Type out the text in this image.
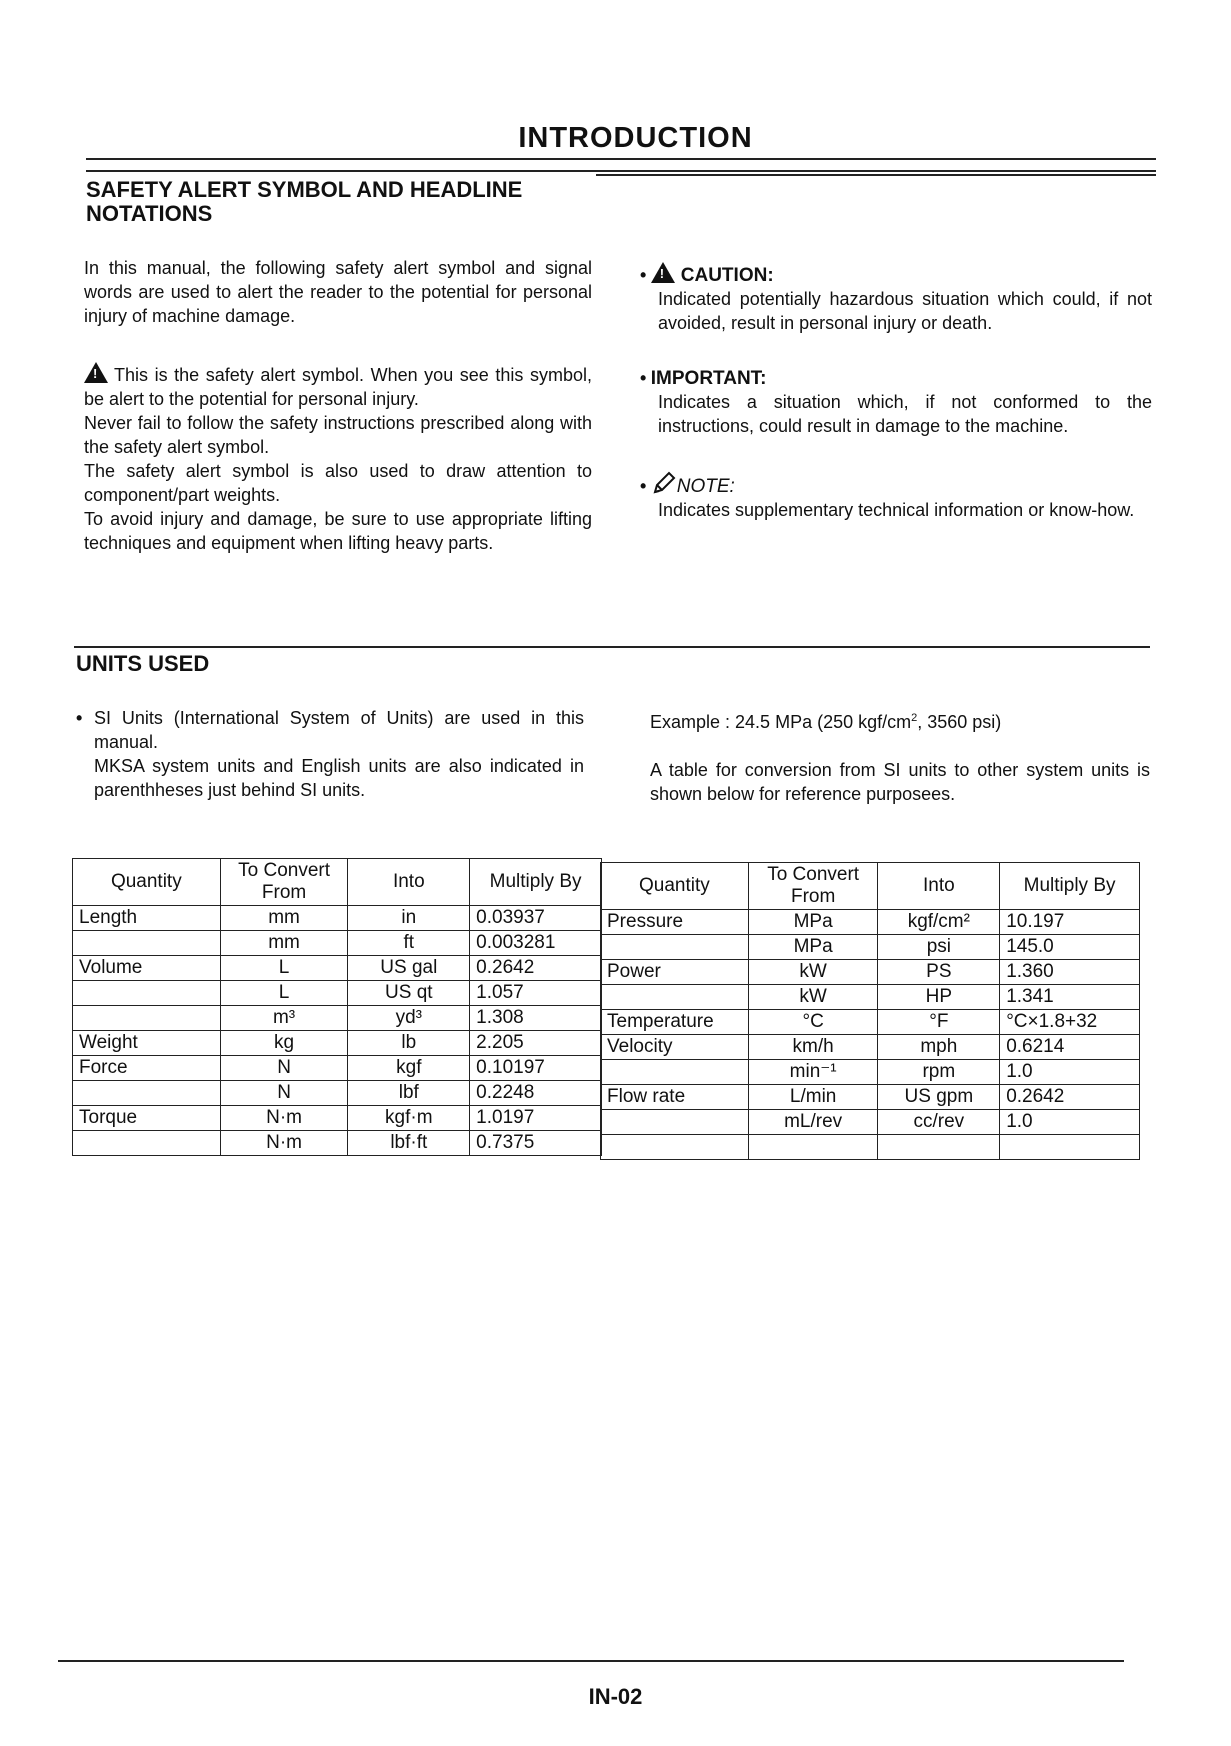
INTRODUCTION
SAFETY ALERT SYMBOL AND HEADLINE
NOTATIONS

In this manual, the following safety alert symbol and signal words are used to alert the reader to the potential for personal injury of machine damage.

!This is the safety alert symbol. When you see this symbol, be alert to the potential for personal injury.

Never fail to follow the safety instructions prescribed along with the safety alert symbol.

The safety alert symbol is also used to draw attention to component/part weights.

To avoid injury and damage, be sure to use appropriate lifting techniques and equipment when lifting heavy parts.

• ! CAUTION:
Indicated potentially hazardous situation which could, if not avoided, result in personal injury or death.
• IMPORTANT:
Indicates a situation which, if not conformed to the instructions, could result in damage to the machine.
• NOTE:
Indicates supplementary technical information or know-how.
UNITS USED
• SI Units (International System of Units) are used in this manual.

MKSA system units and English units are also indicated in parenthheses just behind SI units.

Example : 24.5 MPa (250 kgf/$cm^2$, 3560 psi)
A table for conversion from SI units to other system units is shown below for reference purposees.
Quantity	To Convert From	Into	Multiply By
Length	mm	in	0.03937
	mm	ft	0.003281
Volume	L	US gal	0.2642
	L	US qt	1.057
	m³	yd³	1.308
Weight	kg	lb	2.205
Force	N	kgf	0.10197
	N	lbf	0.2248
Torque	N·m	kgf·m	1.0197
	N·m	lbf·ft	0.7375
Quantity	To Convert From	Into	Multiply By
Pressure	MPa	kgf/cm²	10.197
	MPa	psi	145.0
Power	kW	PS	1.360
	kW	HP	1.341
Temperature	°C	°F	°C×1.8+32
Velocity	km/h	mph	0.6214
	min⁻¹	rpm	1.0
Flow rate	L/min	US gpm	0.2642
	mL/rev	cc/rev	1.0

IN-02
